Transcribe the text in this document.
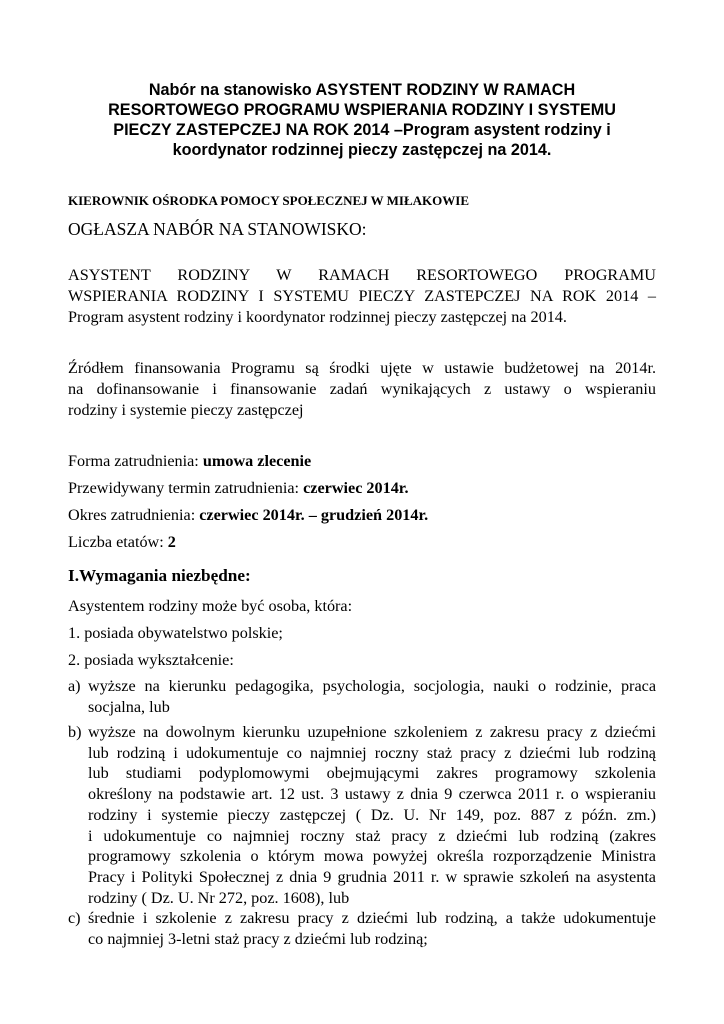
Nabór na stanowisko ASYSTENT RODZINY W RAMACH
RESORTOWEGO PROGRAMU WSPIERANIA RODZINY I SYSTEMU
PIECZY ZASTEPCZEJ NA ROK 2014 –Program asystent rodziny i
koordynator rodzinnej pieczy zastępczej na 2014.
KIEROWNIK OŚRODKA POMOCY SPOŁECZNEJ W MIŁAKOWIE
OGŁASZA NABÓR NA STANOWISKO:
ASYSTENT RODZINY W RAMACH RESORTOWEGO PROGRAMU
WSPIERANIA RODZINY I SYSTEMU PIECZY ZASTEPCZEJ NA ROK 2014 –
Program asystent rodziny i koordynator rodzinnej pieczy zastępczej na 2014.
Źródłem finansowania Programu są środki ujęte w ustawie budżetowej na 2014r.
na dofinansowanie i finansowanie zadań wynikających z ustawy o wspieraniu
rodziny i systemie pieczy zastępczej
Forma zatrudnienia: umowa zlecenie
Przewidywany termin zatrudnienia: czerwiec 2014r.
Okres zatrudnienia: czerwiec 2014r. – grudzień 2014r.
Liczba etatów: 2
I.Wymagania niezbędne:
Asystentem rodziny może być osoba, która:
1. posiada obywatelstwo polskie;
2. posiada wykształcenie:
a) wyższe na kierunku pedagogika, psychologia, socjologia, nauki o rodzinie, praca
socjalna, lub
b) wyższe na dowolnym kierunku uzupełnione szkoleniem z zakresu pracy z dziećmi
lub rodziną i udokumentuje co najmniej roczny staż pracy z dziećmi lub rodziną
lub studiami podyplomowymi obejmującymi zakres programowy szkolenia
określony na podstawie art. 12 ust. 3 ustawy z dnia 9 czerwca 2011 r. o wspieraniu
rodziny i systemie pieczy zastępczej ( Dz. U. Nr 149, poz. 887 z późn. zm.)
i udokumentuje co najmniej roczny staż pracy z dziećmi lub rodziną (zakres
programowy szkolenia o którym mowa powyżej określa rozporządzenie Ministra
Pracy i Polityki Społecznej z dnia 9 grudnia 2011 r. w sprawie szkoleń na asystenta
rodziny ( Dz. U. Nr 272, poz. 1608), lub
c) średnie i szkolenie z zakresu pracy z dziećmi lub rodziną, a także udokumentuje
co najmniej 3-letni staż pracy z dziećmi lub rodziną;
